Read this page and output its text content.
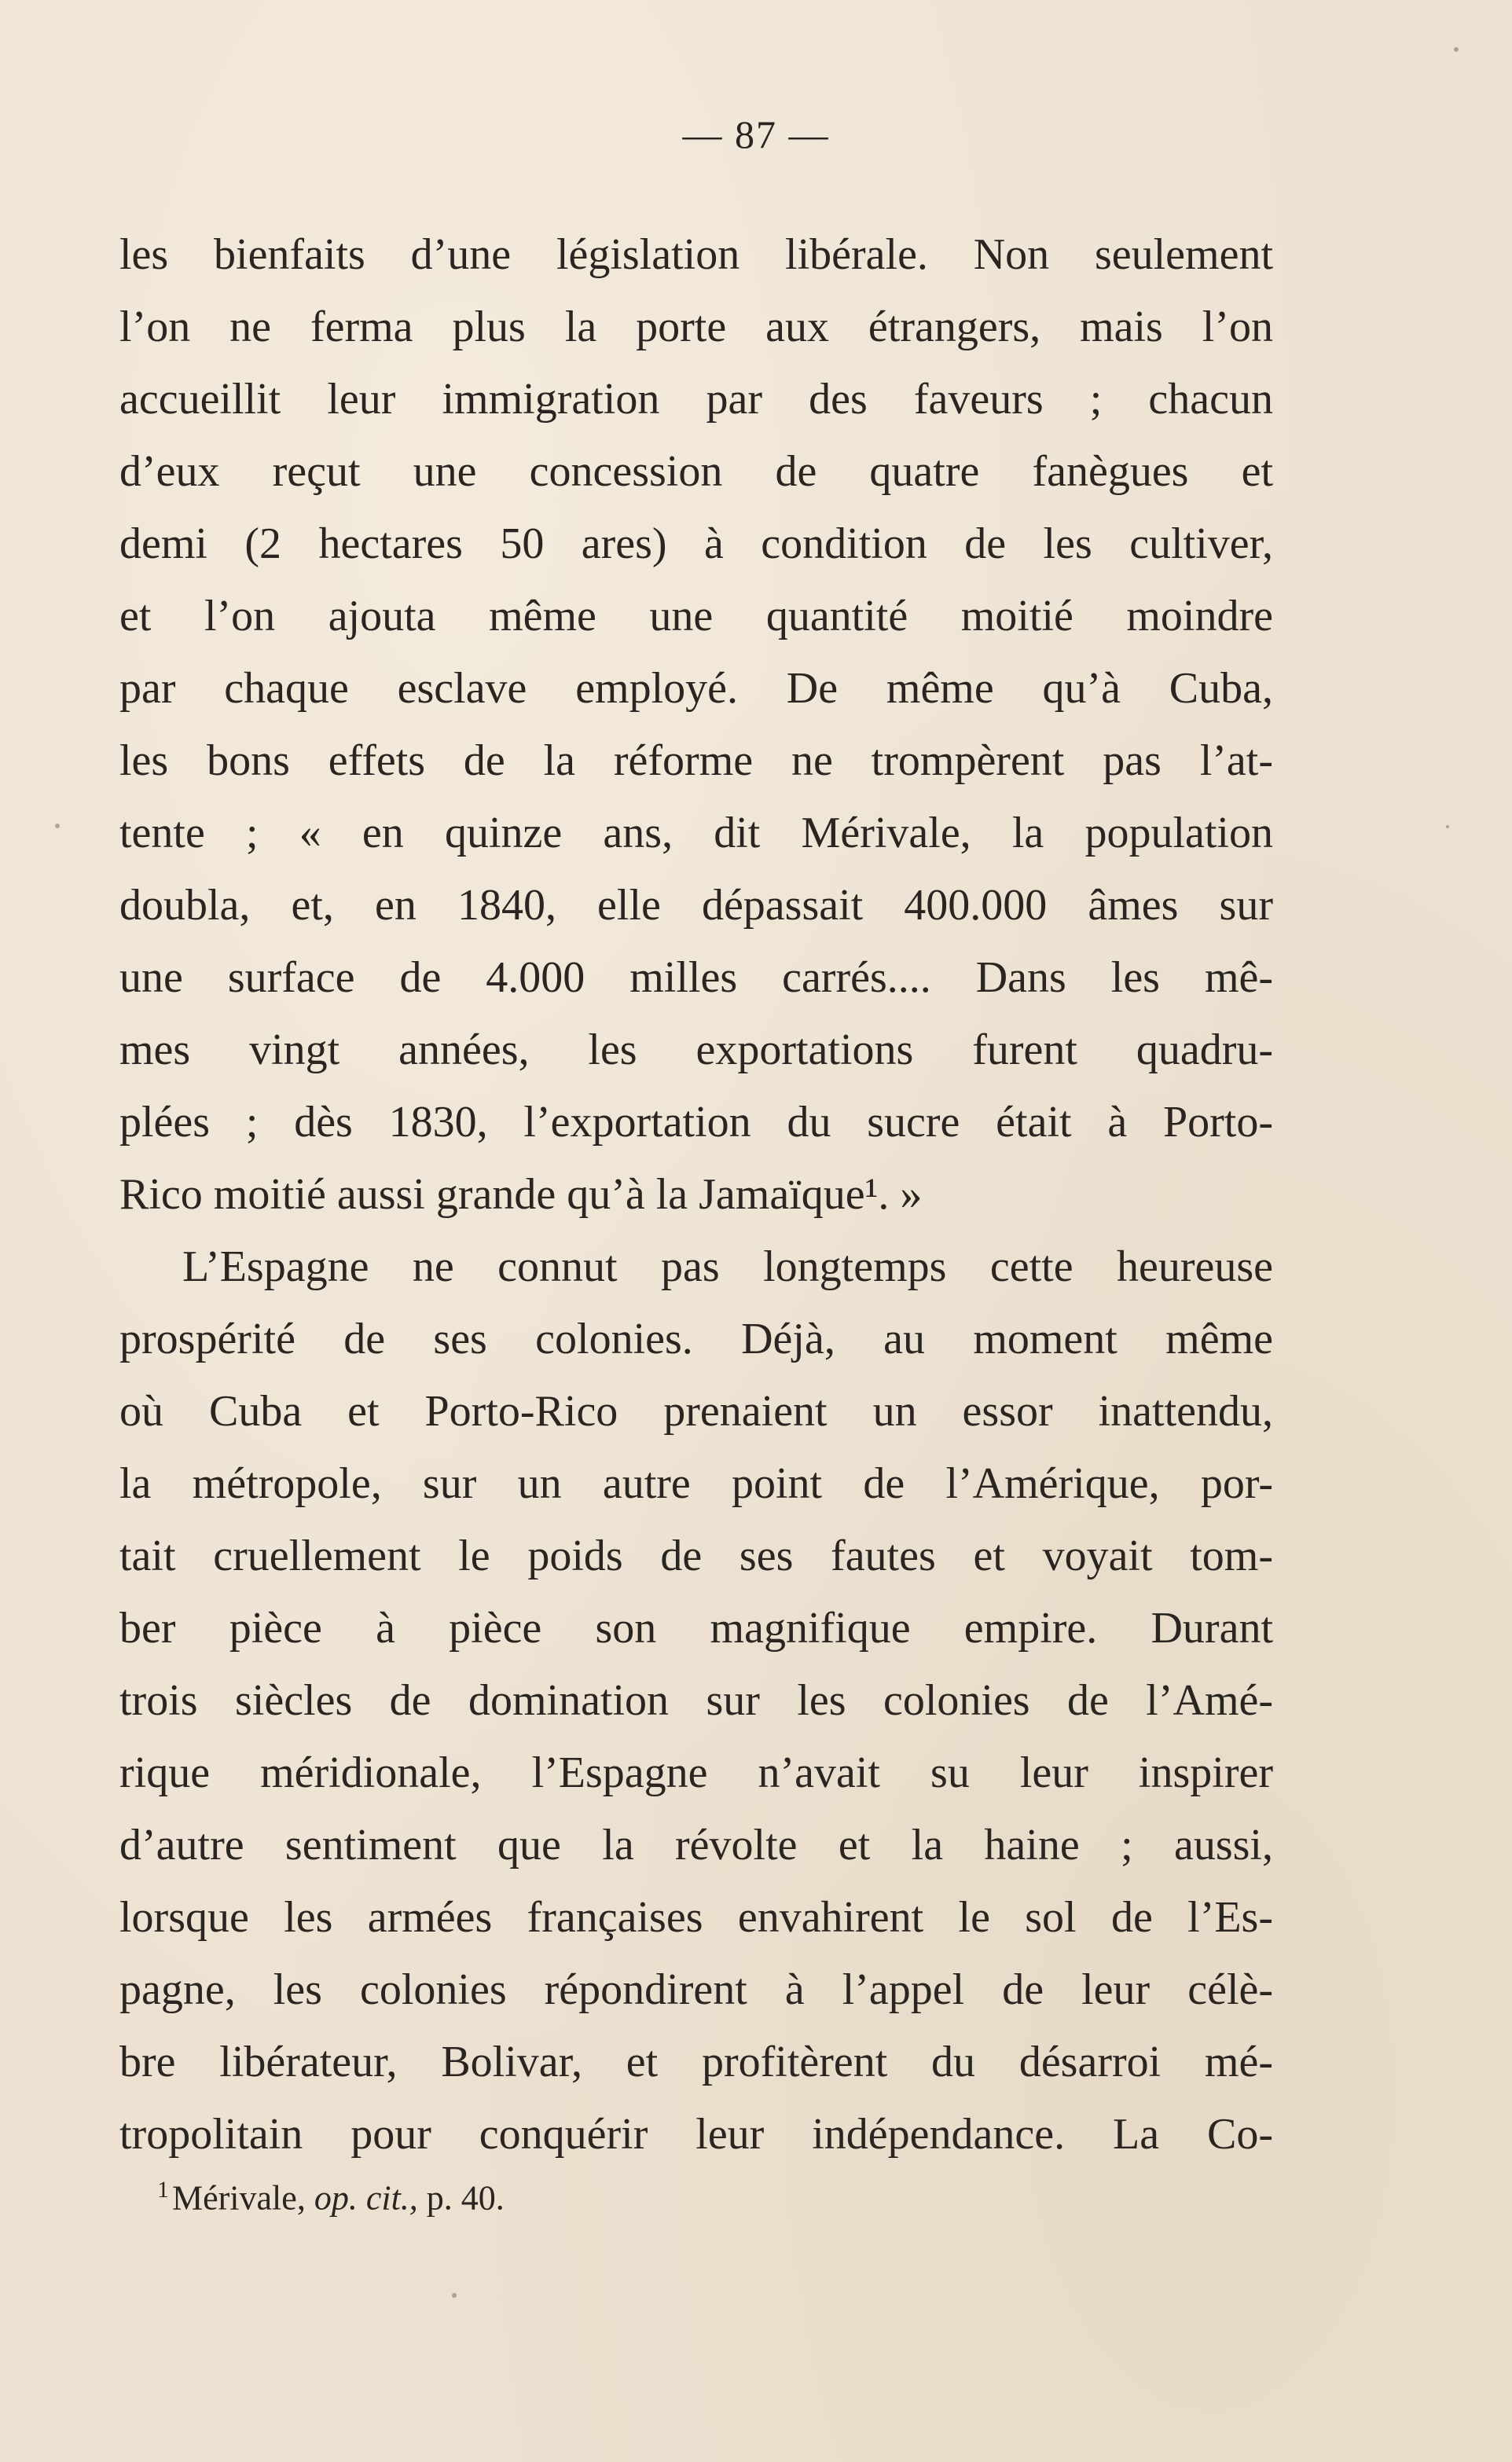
— 87 —
les bienfaits d’une législation libérale. Non seulement
l’on ne ferma plus la porte aux étrangers, mais l’on
accueillit leur immigration par des faveurs ; chacun
d’eux reçut une concession de quatre fanègues et
demi (2 hectares 50 ares) à condition de les cultiver,
et l’on ajouta même une quantité moitié moindre
par chaque esclave employé. De même qu’à Cuba,
les bons effets de la réforme ne trompèrent pas l’at-
tente ; « en quinze ans, dit Mérivale, la population
doubla, et, en 1840, elle dépassait 400.000 âmes sur
une surface de 4.000 milles carrés.... Dans les mê-
mes vingt années, les exportations furent quadru-
plées ; dès 1830, l’exportation du sucre était à Porto-
Rico moitié aussi grande qu’à la Jamaïque¹. »
L’Espagne ne connut pas longtemps cette heureuse
prospérité de ses colonies. Déjà, au moment même
où Cuba et Porto-Rico prenaient un essor inattendu,
la métropole, sur un autre point de l’Amérique, por-
tait cruellement le poids de ses fautes et voyait tom-
ber pièce à pièce son magnifique empire. Durant
trois siècles de domination sur les colonies de l’Amé-
rique méridionale, l’Espagne n’avait su leur inspirer
d’autre sentiment que la révolte et la haine ; aussi,
lorsque les armées françaises envahirent le sol de l’Es-
pagne, les colonies répondirent à l’appel de leur célè-
bre libérateur, Bolivar, et profitèrent du désarroi mé-
tropolitain pour conquérir leur indépendance. La Co-
$^1$Mérivale, op. cit., p. 40.
